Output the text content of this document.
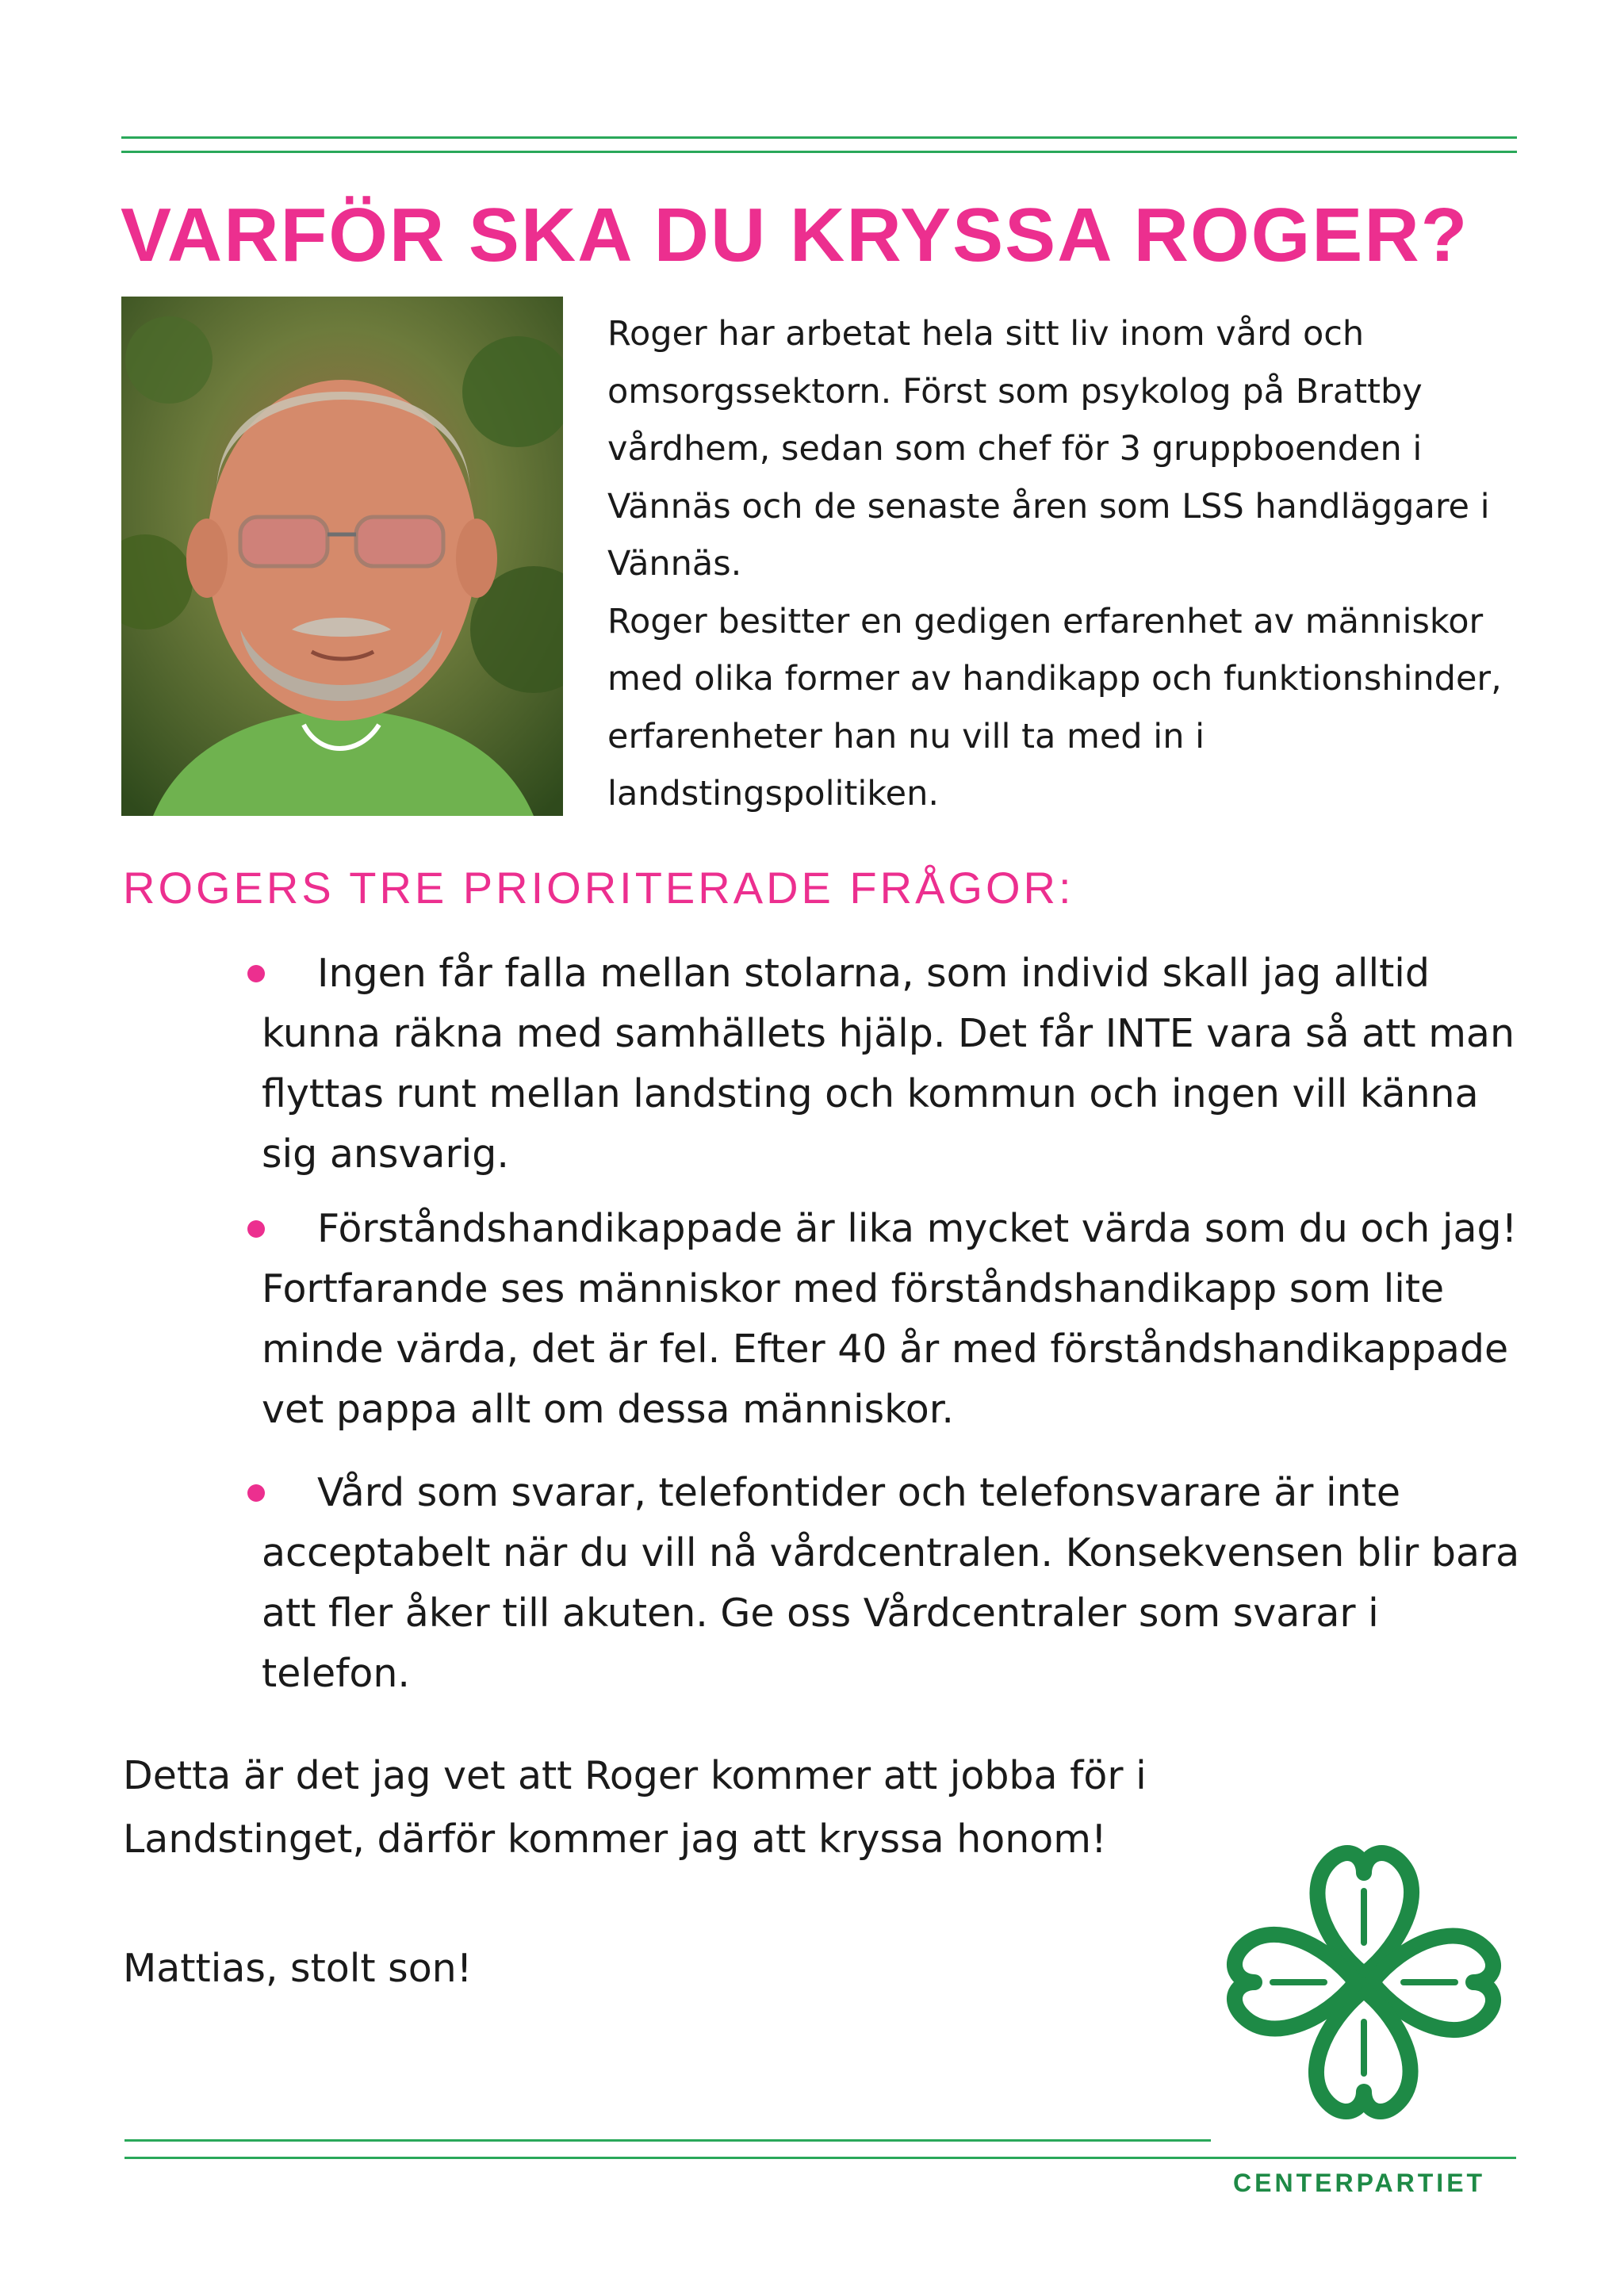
VARFÖR SKA DU KRYSSA ROGER?

Roger har arbetat hela sitt liv inom vård och omsorgssektorn. Först som psykolog på Brattby vårdhem, sedan som chef för 3 gruppboenden i Vännäs och de senaste åren som LSS handläggare i Vännäs.

Roger besitter en gedigen erfarenhet av människor med olika former av handikapp och funktionshinder, erfarenheter han nu vill ta med in i landstingspolitiken.

ROGERS TRE PRIORITERADE FRÅGOR:
Ingen får falla mellan stolarna, som individ skall jag alltid kunna räkna med samhällets hjälp. Det får INTE vara så att man flyttas runt mellan landsting och kommun och ingen vill känna sig ansvarig.
Förståndshandikappade är lika mycket värda som du och jag! Fortfarande ses människor med förståndshandikapp som lite minde värda, det är fel. Efter 40 år med förståndshandikappade vet pappa allt om dessa människor.
Vård som svarar, telefontider och telefonsvarare är inte acceptabelt när du vill nå vårdcentralen. Konsekvensen blir bara att fler åker till akuten. Ge oss Vårdcentraler som svarar i telefon.

Detta är det jag vet att Roger kommer att jobba för i Landstinget, därför kommer jag att kryssa honom!

Mattias, stolt son!

CENTERPARTIET
